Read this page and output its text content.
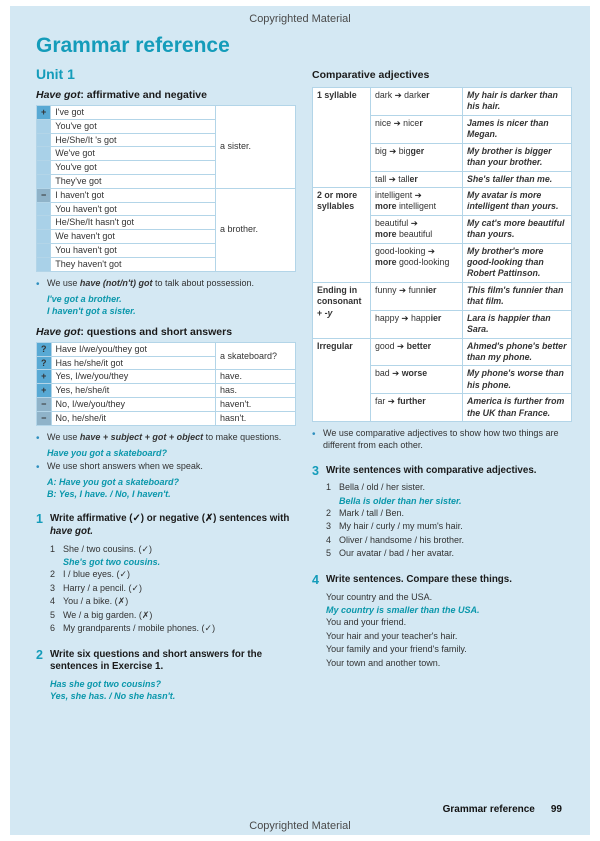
Copyrighted Material
Grammar reference
Unit 1
Have got: affirmative and negative
+	I've got	a sister.
	You've got	
	He/She/It 's got	
	We've got	
	You've got	
	They've got	
−	I haven't got	a brother.
	You haven't got	
	He/She/It hasn't got	
	We haven't got	
	You haven't got	
	They haven't got	
•
We use have (not/n't) got to talk about possession.
I've got a brother.
I haven't got a sister.
Have got: questions and short answers
?	Have I/we/you/they got	a skateboard?
?	Has he/she/it got	
+	Yes, I/we/you/they	have.
+	Yes, he/she/it	has.
−	No, I/we/you/they	haven't.
−	No, he/she/it	hasn't.
•
We use have + subject + got + object to make questions.
Have you got a skateboard?
•
We use short answers when we speak.
A: Have you got a skateboard?
B: Yes, I have. / No, I haven't.
1 Write affirmative (✓) or negative (✗) sentences with have got.
1 She / two cousins. (✓)
She's got two cousins.
2 I / blue eyes. (✓)
3 Harry / a pencil. (✓)
4 You / a bike. (✗)
5 We / a big garden. (✗)
6 My grandparents / mobile phones. (✓)
2 Write six questions and short answers for the sentences in Exercise 1.
Has she got two cousins?
Yes, she has. / No she hasn't.
Comparative adjectives
1 syllable	dark ➔ darker	My hair is darker than his hair.
	nice ➔ nicer	James is nicer than Megan.
	big ➔ bigger	My brother is bigger than your brother.
	tall ➔ taller	She's taller than me.
2 or more syllables	intelligent ➔
more intelligent	My avatar is more intelligent than yours.

	beautiful ➔
more beautiful	My cat's more beautiful than yours.

	good-looking ➔
more good-looking	My brother's more good-looking than Robert Pattinson.
Ending in consonant
+ -y	funny ➔ funnier	This film's funnier than that film.
	happy ➔ happier	Lara is happier than Sara.
Irregular	good ➔ better	Ahmed's phone's better than my phone.
	bad ➔ worse	My phone's worse than his phone.
	far ➔ further	America is further from the UK than France.
•
We use comparative adjectives to show how two things are different from each other.
3 Write sentences with comparative adjectives.
1 Bella / old / her sister.
Bella is older than her sister.
2 Mark / tall / Ben.
3 My hair / curly / my mum's hair.
4 Oliver / handsome / his brother.
5 Our avatar / bad / her avatar.
4 Write sentences. Compare these things.
Your country and the USA.
My country is smaller than the USA.
You and your friend.
Your hair and your teacher's hair.
Your family and your friend's family.
Your town and another town.
Grammar reference 99
Copyrighted Material
